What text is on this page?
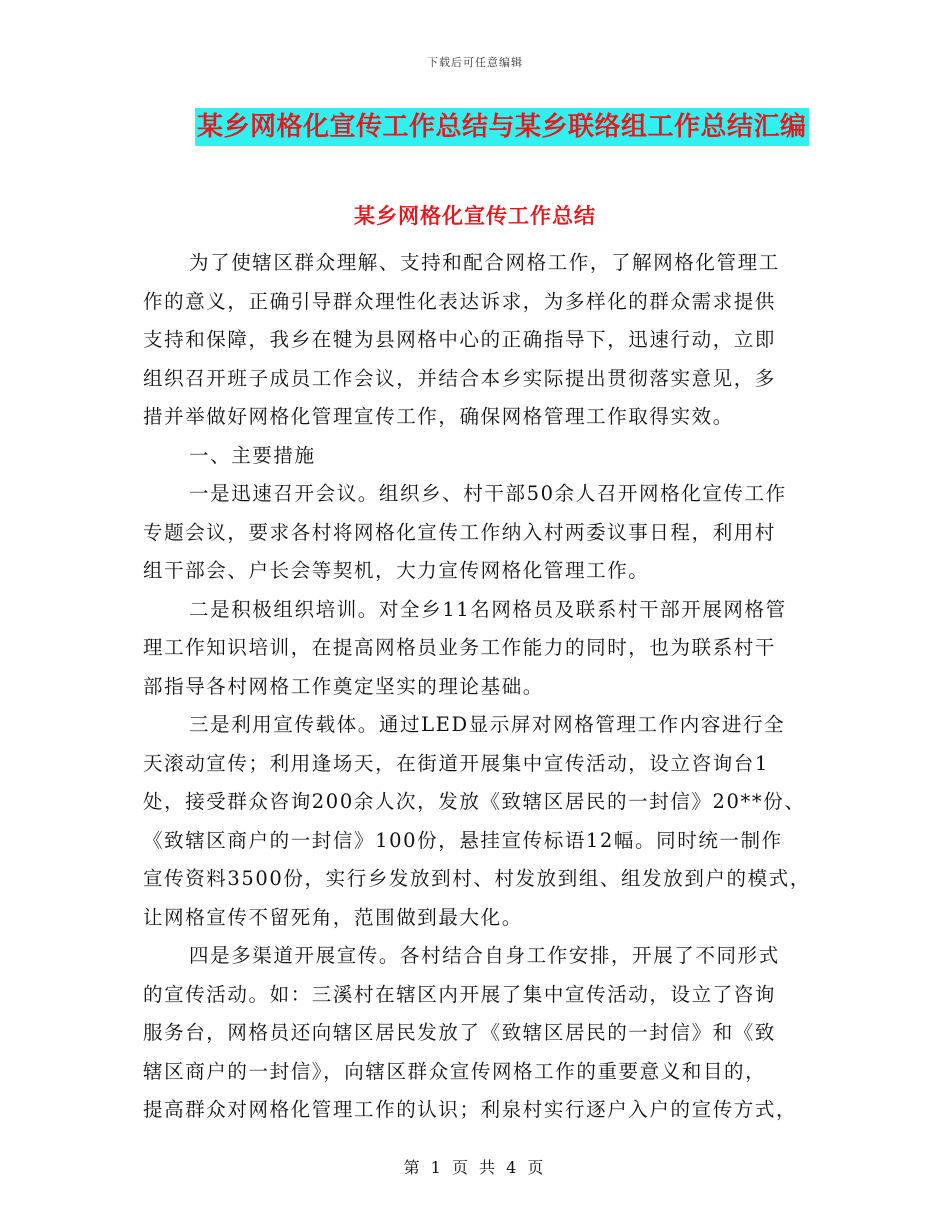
下载后可任意编辑
某乡网格化宣传工作总结与某乡联络组工作总结汇编
某乡网格化宣传工作总结
为了使辖区群众理解、支持和配合网格工作，了解网格化管理工
作的意义，正确引导群众理性化表达诉求，为多样化的群众需求提供
支持和保障，我乡在犍为县网格中心的正确指导下，迅速行动，立即
组织召开班子成员工作会议，并结合本乡实际提出贯彻落实意见，多
措并举做好网格化管理宣传工作，确保网格管理工作取得实效。
一、主要措施
一是迅速召开会议。组织乡、村干部50余人召开网格化宣传工作
专题会议，要求各村将网格化宣传工作纳入村两委议事日程，利用村
组干部会、户长会等契机，大力宣传网格化管理工作。
二是积极组织培训。对全乡11名网格员及联系村干部开展网格管
理工作知识培训，在提高网格员业务工作能力的同时，也为联系村干
部指导各村网格工作奠定坚实的理论基础。
三是利用宣传载体。通过LED显示屏对网格管理工作内容进行全
天滚动宣传；利用逢场天，在街道开展集中宣传活动，设立咨询台1
处，接受群众咨询200余人次，发放《致辖区居民的一封信》20**份、
《致辖区商户的一封信》100份，悬挂宣传标语12幅。同时统一制作
宣传资料3500份，实行乡发放到村、村发放到组、组发放到户的模式，
让网格宣传不留死角，范围做到最大化。
四是多渠道开展宣传。各村结合自身工作安排，开展了不同形式
的宣传活动。如：三溪村在辖区内开展了集中宣传活动，设立了咨询
服务台，网格员还向辖区居民发放了《致辖区居民的一封信》和《致
辖区商户的一封信》，向辖区群众宣传网格工作的重要意义和目的，
提高群众对网格化管理工作的认识；利泉村实行逐户入户的宣传方式，
第 1 页 共 4 页
